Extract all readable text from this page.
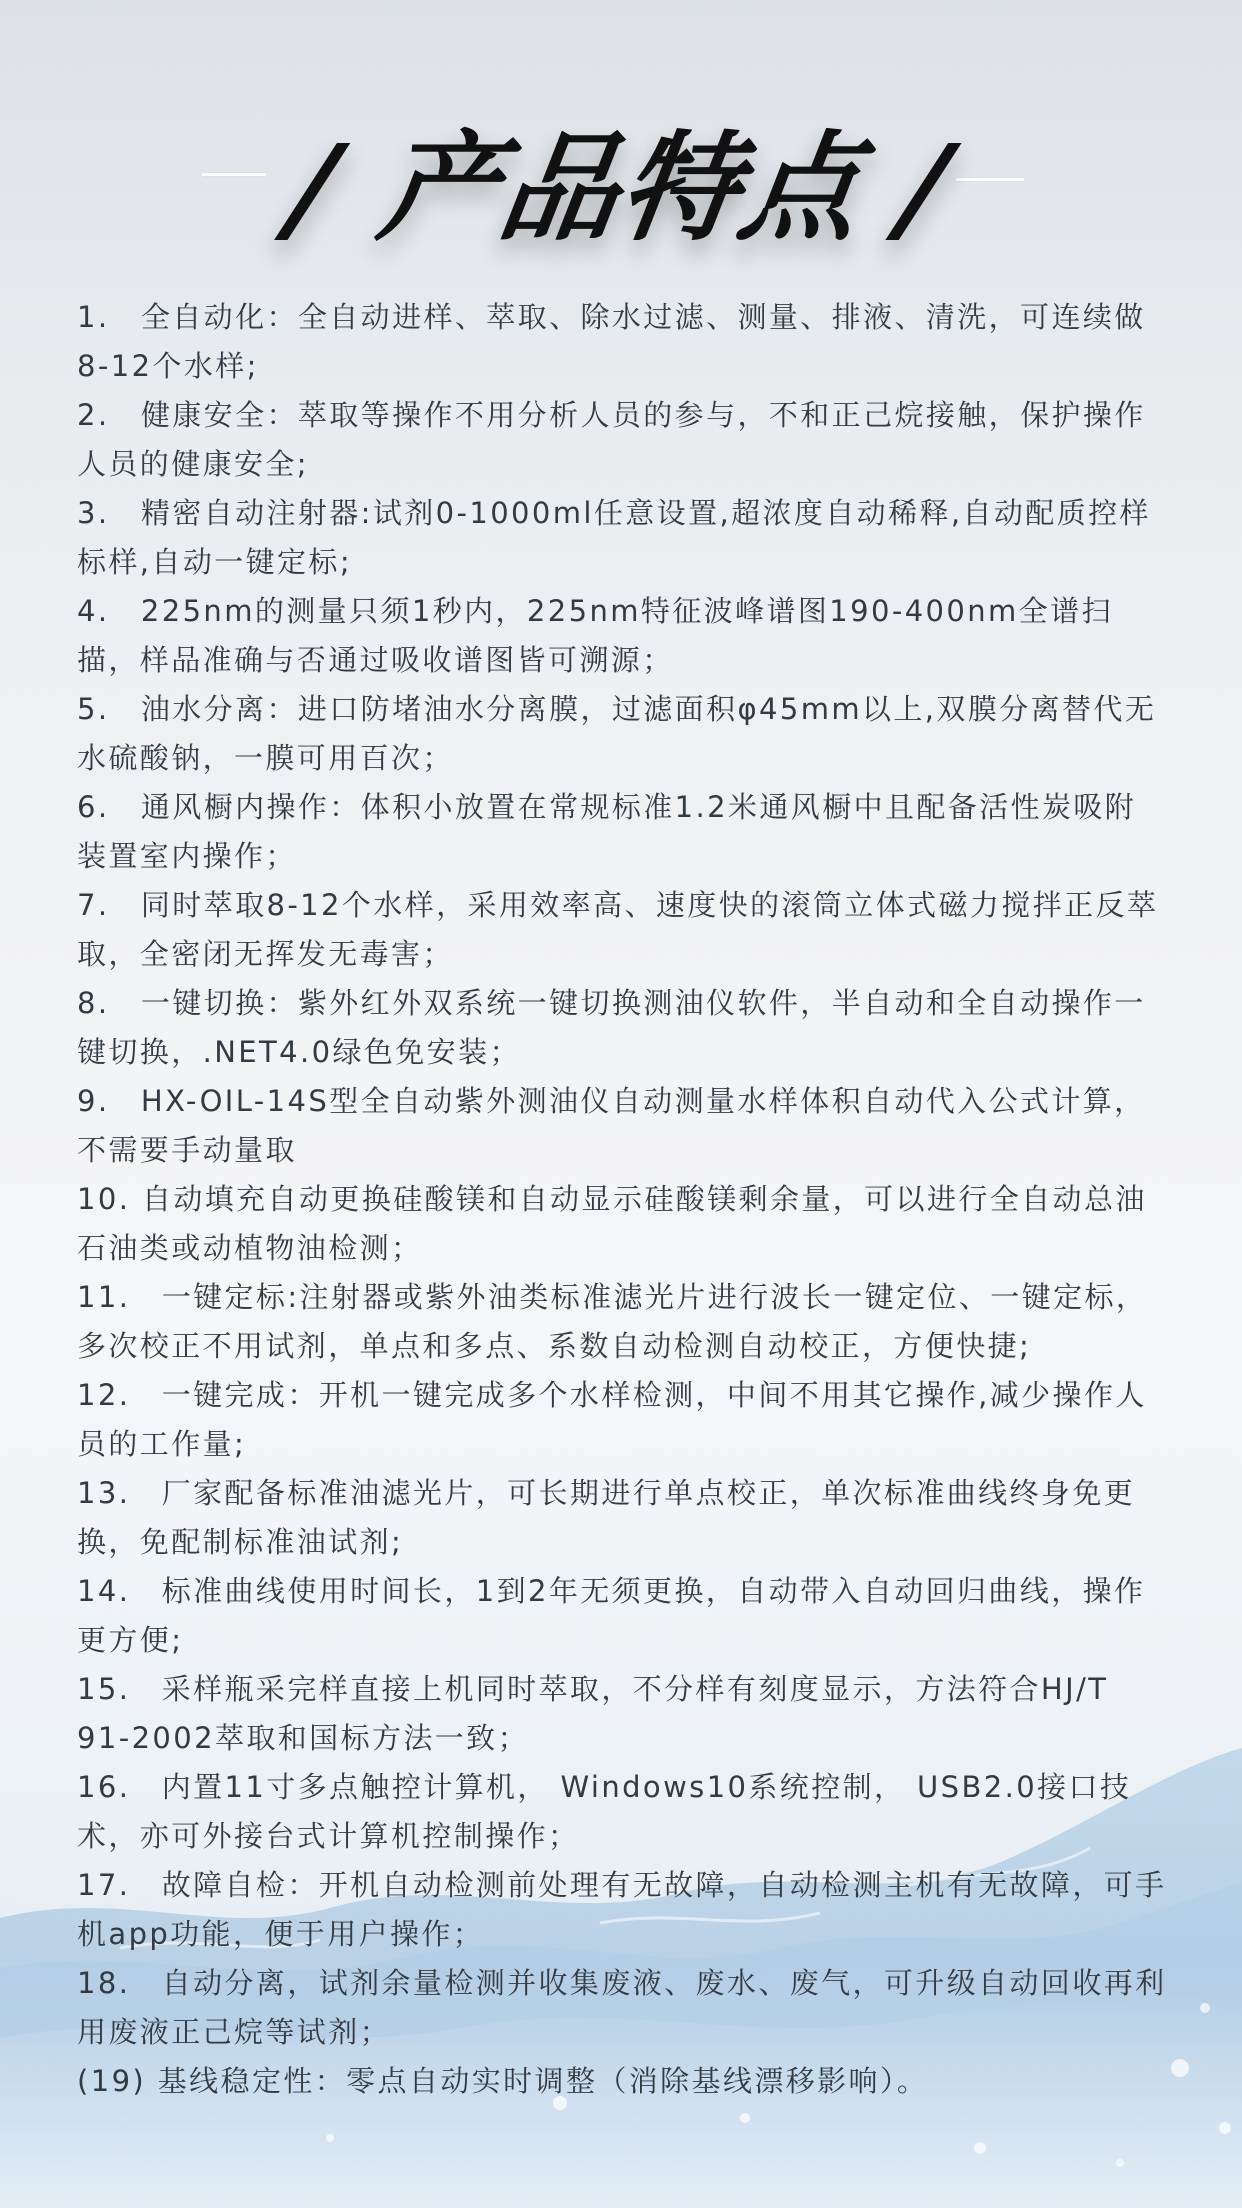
/ 产品特点 /

1.　全自动化：全自动进样、萃取、除水过滤、测量、排液、清洗，可连续做8-12个水样;

2.　健康安全：萃取等操作不用分析人员的参与，不和正己烷接触，保护操作人员的健康安全;

3.　精密自动注射器:试剂0-1000ml任意设置,超浓度自动稀释,自动配质控样标样,自动一键定标;

4.　225nm的测量只须1秒内，225nm特征波峰谱图190-400nm全谱扫描，样品准确与否通过吸收谱图皆可溯源；

5.　油水分离：进口防堵油水分离膜，过滤面积φ45mm以上,双膜分离替代无水硫酸钠，一膜可用百次；

6.　通风橱内操作：体积小放置在常规标准1.2米通风橱中且配备活性炭吸附装置室内操作；

7.　同时萃取8-12个水样，采用效率高、速度快的滚筒立体式磁力搅拌正反萃取，全密闭无挥发无毒害；

8.　一键切换：紫外红外双系统一键切换测油仪软件，半自动和全自动操作一键切换，.NET4.0绿色免安装；

9.　HX-OIL-14S型全自动紫外测油仪自动测量水样体积自动代入公式计算，不需要手动量取

10. 自动填充自动更换硅酸镁和自动显示硅酸镁剩余量，可以进行全自动总油石油类或动植物油检测；

11.　一键定标:注射器或紫外油类标准滤光片进行波长一键定位、一键定标，多次校正不用试剂，单点和多点、系数自动检测自动校正，方便快捷;

12.　一键完成：开机一键完成多个水样检测，中间不用其它操作,减少操作人员的工作量;

13.　厂家配备标准油滤光片，可长期进行单点校正，单次标准曲线终身免更换，免配制标准油试剂;

14.　标准曲线使用时间长，1到2年无须更换，自动带入自动回归曲线，操作更方便;

15.　采样瓶采完样直接上机同时萃取，不分样有刻度显示，方法符合HJ/T 91-2002萃取和国标方法一致；

16.　内置11寸多点触控计算机， Windows10系统控制， USB2.0接口技术，亦可外接台式计算机控制操作；

17.　故障自检：开机自动检测前处理有无故障，自动检测主机有无故障，可手机app功能，便于用户操作；

18.　自动分离，试剂余量检测并收集废液、废水、废气，可升级自动回收再利用废液正己烷等试剂；

(19) 基线稳定性：零点自动实时调整（消除基线漂移影响）。
